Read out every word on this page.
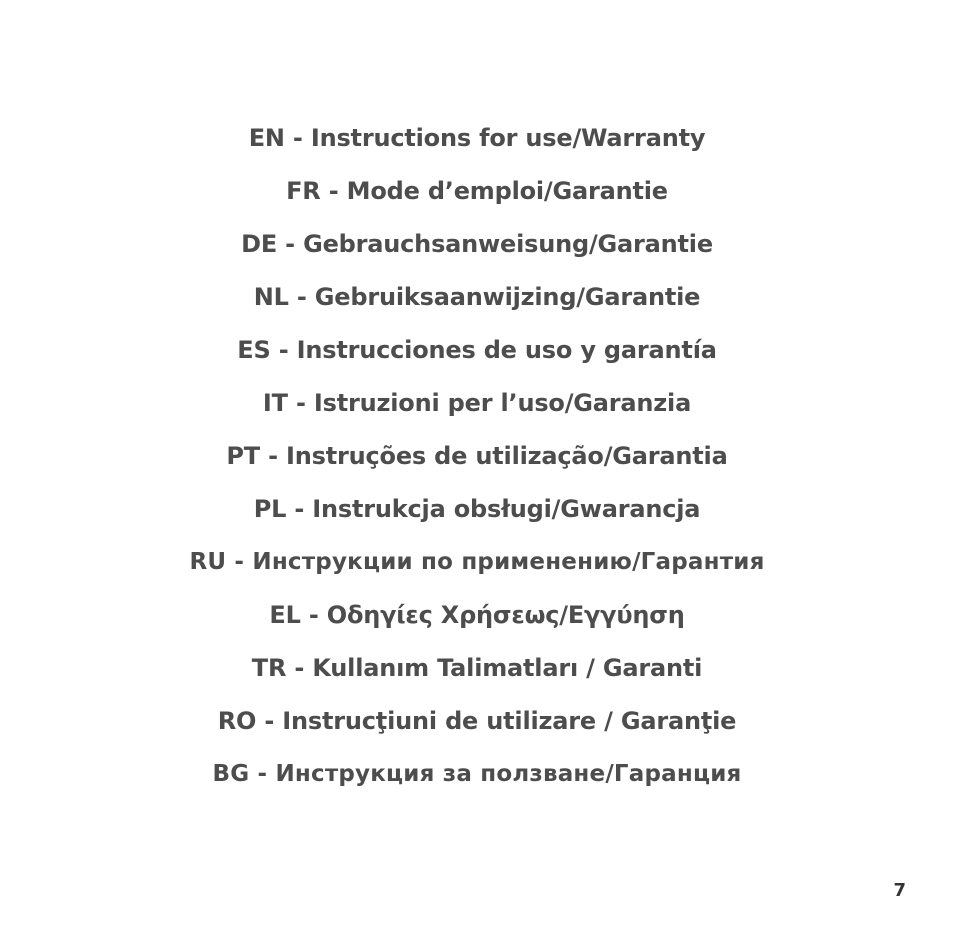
EN - Instructions for use/Warranty
FR - Mode d’emploi/Garantie
DE - Gebrauchsanweisung/Garantie
NL - Gebruiksaanwijzing/Garantie
ES - Instrucciones de uso y garantía
IT - Istruzioni per l’uso/Garanzia
PT - Instruções de utilização/Garantia
PL - Instrukcja obsługi/Gwarancja
RU - Инструкции по применению/Гарантия
EL - Οδηγίες Χρήσεως/Εγγύηση
TR - Kullanım Talimatları / Garanti
RO - Instrucţiuni de utilizare / Garanţie
BG - Инструкция за ползване/Гаранция
7
